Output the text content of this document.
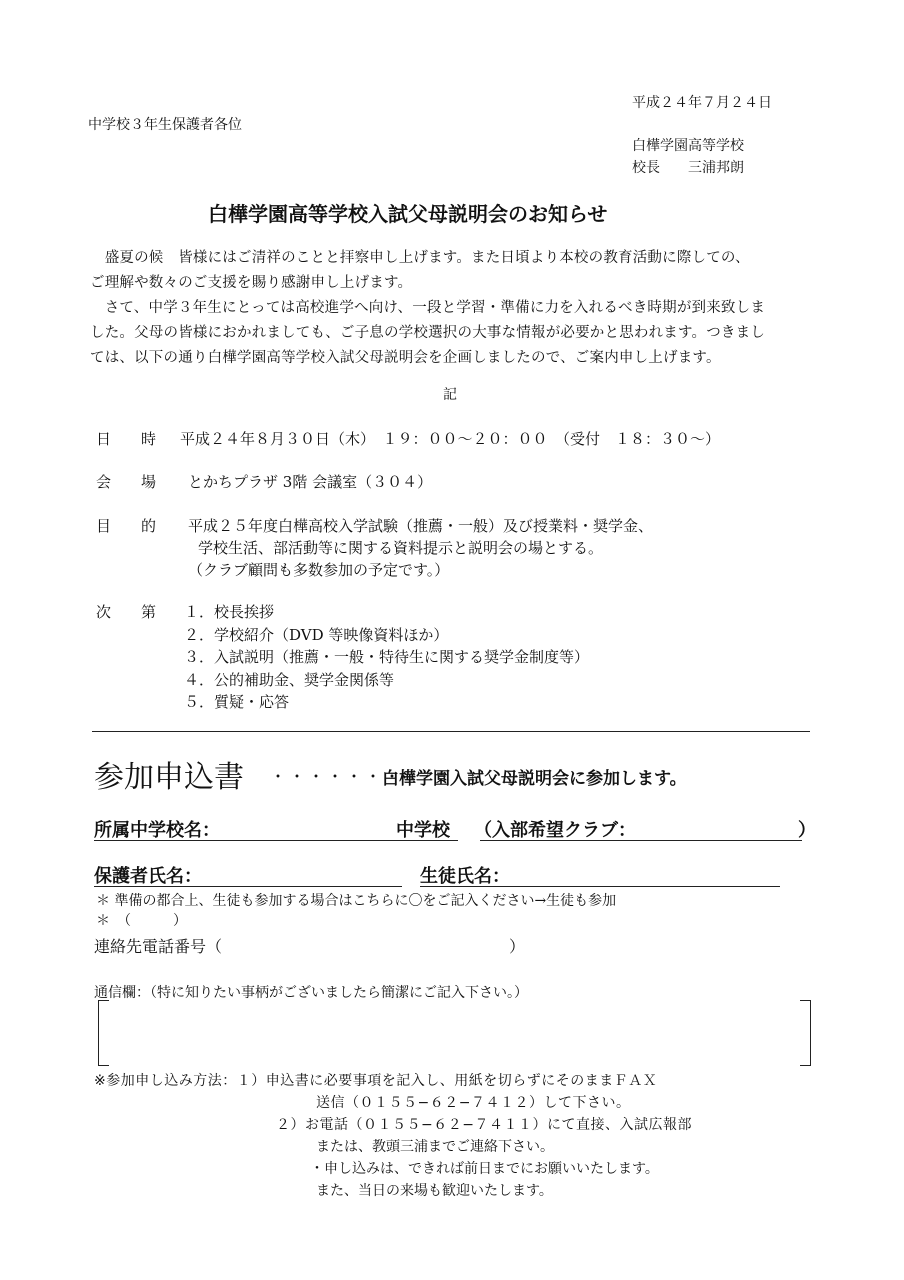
平成２４年７月２４日
中学校３年生保護者各位
白樺学園高等学校
校長　　三浦邦朗
白樺学園高等学校入試父母説明会のお知らせ
　盛夏の候　皆様にはご清祥のことと拝察申し上げます。また日頃より本校の教育活動に際しての、
ご理解や数々のご支援を賜り感謝申し上げます。
　さて、中学３年生にとっては高校進学へ向け、一段と学習・準備に力を入れるべき時期が到来致しま
した。父母の皆様におかれましても、ご子息の学校選択の大事な情報が必要かと思われます。つきまし
ては、以下の通り白樺学園高等学校入試父母説明会を企画しましたので、ご案内申し上げます。
記
日　　時 平成２４年８月３０日（木）　１９：００〜２０：００　（受付　１８：３０〜）
会　　場 とかちプラザ 3階 会議室（３０４）
目　　的 平成２５年度白樺高校入学試験（推薦・一般）及び授業料・奨学金、
学校生活、部活動等に関する資料提示と説明会の場とする。
（クラブ顧問も多数参加の予定です。）
次　　第 １．校長挨拶
２．学校紹介（DVD 等映像資料ほか）
３．入試説明（推薦・一般・特待生に関する奨学金制度等）
４．公的補助金、奨学金関係等
５．質疑・応答
参加申込書 ・・・・・・・
白樺学園入試父母説明会に参加します。
所属中学校名：	中学校 （入部希望クラブ：	）
保護者氏名：	生徒氏名：
＊ 準備の都合上、生徒も参加する場合はこちらに〇をご記入ください→生徒も参加
＊　（　　　）
連絡先電話番号（	）
通信欄：（特に知りたい事柄がございましたら簡潔にご記入下さい。）
※参加申し込み方法：１）申込書に必要事項を記入し、用紙を切らずにそのままＦＡＸ
送信（０１５５−６２−７４１２）して下さい。
２）お電話（０１５５−６２−７４１１）にて直接、入試広報部
または、教頭三浦までご連絡下さい。
・申し込みは、できれば前日までにお願いいたします。
また、当日の来場も歓迎いたします。
